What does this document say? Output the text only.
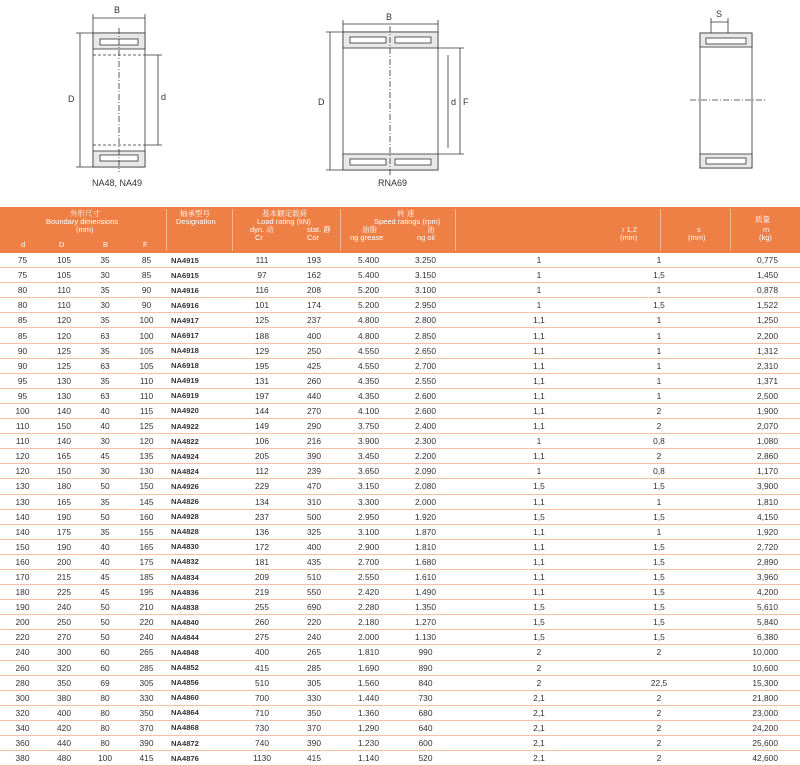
B
D	d
NA48, NA49
B
D	d F
RNA69
S
外形尺寸
Boundary dimensions
(mm)
d	D	B	F
轴承型号
Designation
基本额定载荷
Load rating (kN)
dyn. 动	stat. 静
Cr	Cor
转 速
Speed ratings (rpm)
油脂	油
ng grease	ng oil
r 1,2
(min)
s
(mm)
质量
m
(kg)
75	105	35	85	NA4915	111	193	5.400	3.250	1	1	0,775
75	105	30	85	NA6915	97	162	5.400	3.150	1	1,5	1,450
80	110	35	90	NA4916	116	208	5.200	3.100	1	1	0,878
80	110	30	90	NA6916	101	174	5.200	2.950	1	1,5	1,522
85	120	35	100	NA4917	125	237	4.800	2.800	1,1	1	1,250
85	120	63	100	NA6917	188	400	4.800	2.850	1,1	1	2,200
90	125	35	105	NA4918	129	250	4.550	2.650	1,1	1	1,312
90	125	63	105	NA6918	195	425	4.550	2.700	1,1	1	2,310
95	130	35	110	NA4919	131	260	4.350	2.550	1,1	1	1,371
95	130	63	110	NA6919	197	440	4.350	2.600	1,1	1	2,500
100	140	40	115	NA4920	144	270	4.100	2.600	1,1	2	1,900
110	150	40	125	NA4922	149	290	3.750	2.400	1,1	2	2,070
110	140	30	120	NA4822	106	216	3.900	2.300	1	0,8	1,080
120	165	45	135	NA4924	205	390	3.450	2.200	1,1	2	2,860
120	150	30	130	NA4824	112	239	3.650	2.090	1	0,8	1,170
130	180	50	150	NA4926	229	470	3.150	2.080	1,5	1,5	3,900
130	165	35	145	NA4826	134	310	3.300	2.000	1,1	1	1,810
140	190	50	160	NA4928	237	500	2.950	1.920	1,5	1,5	4,150
140	175	35	155	NA4828	136	325	3.100	1.870	1,1	1	1,920
150	190	40	165	NA4830	172	400	2.900	1.810	1,1	1,5	2,720
160	200	40	175	NA4832	181	435	2.700	1.680	1,1	1,5	2,890
170	215	45	185	NA4834	209	510	2.550	1.610	1,1	1,5	3,960
180	225	45	195	NA4836	219	550	2.420	1.490	1,1	1,5	4,200
190	240	50	210	NA4838	255	690	2.280	1.350	1,5	1,5	5,610
200	250	50	220	NA4840	260	220	2.180	1.270	1,5	1,5	5,840
220	270	50	240	NA4844	275	240	2.000	1.130	1,5	1,5	6,380
240	300	60	265	NA4848	400	265	1.810	990	2	2	10,000
260	320	60	285	NA4852	415	285	1.690	890	2		10,600
280	350	69	305	NA4856	510	305	1.560	840	2	22,5	15,300
300	380	80	330	NA4860	700	330	1.440	730	2,1	2	21,800
320	400	80	350	NA4864	710	350	1.360	680	2,1	2	23,000
340	420	80	370	NA4868	730	370	1.290	640	2,1	2	24,200
360	440	80	390	NA4872	740	390	1.230	600	2,1	2	25,600
380	480	100	415	NA4876	1130	415	1.140	520	2,1	2	42,600
